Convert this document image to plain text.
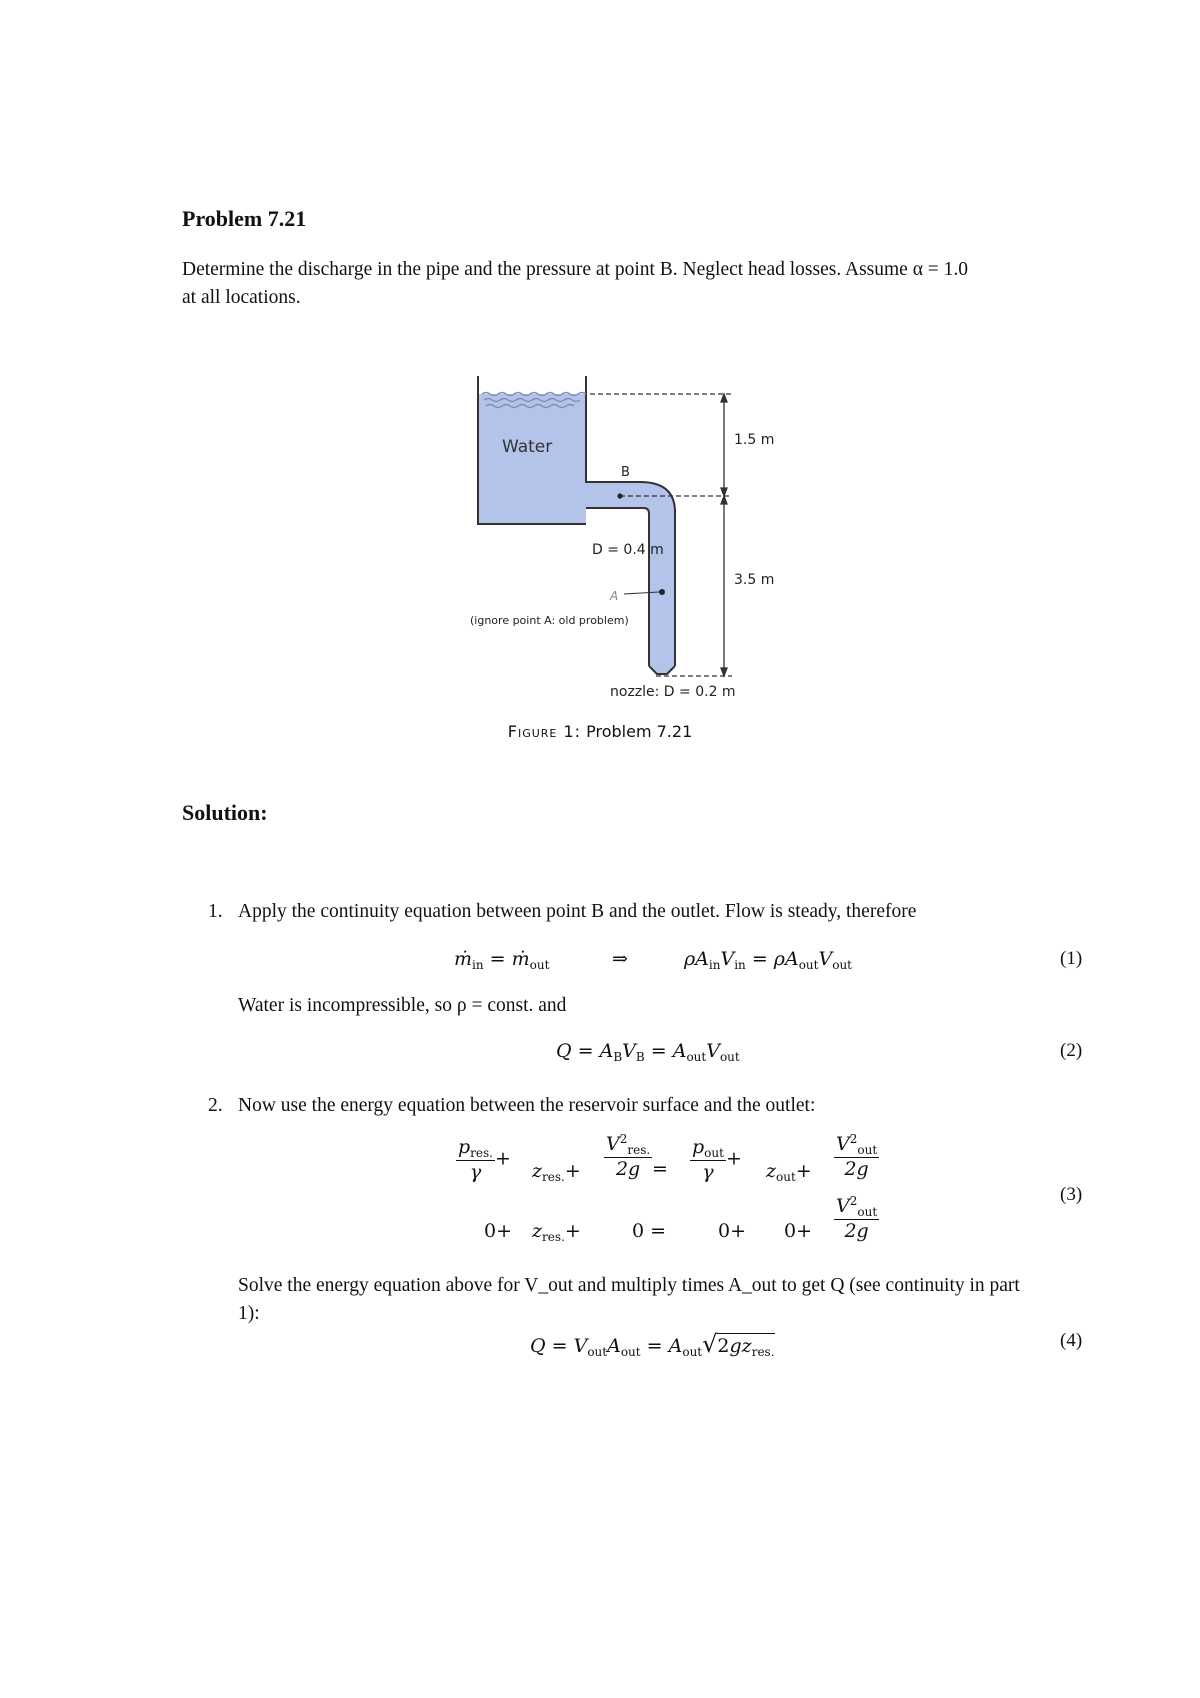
Problem 7.21
Determine the discharge in the pipe and the pressure at point B. Neglect head losses. Assume α = 1.0
at all locations.
Water
B
1.5 m
3.5 m
D = 0.4 m
A
(ignore point A: old problem)
nozzle: D = 0.2 m
Figure 1: Problem 7.21
Solution:
1. Apply the continuity equation between point B and the outlet. Flow is steady, therefore
ṁ$_{in}$ = ṁ$_{out}$	⇒	$\rho A_{in}V_{in} = \rho A_{out}V_{out}$	(1)
Water is incompressible, so ρ = const. and
$Q = A_BV_B = A_{out}V_{out}$	(2)
2. Now use the energy equation between the reservoir surface and the outlet:
$\frac{p_{res.}}{\gamma}$ +
$z_{res.}+ \frac{V^2_{res.}}{2g} = \frac{p_{out}}{\gamma}$ +
$z_{out}+ \frac{V^2_{out}}{2g}$
$0+ z_{res.}+$	0 =	$0+ 0+ \frac{V^2_{out}}{2g}$	(3)
Solve the energy equation above for V_out and multiply times A_out to get Q (see continuity in part
1):
$Q = V_{out}A_{out} = A_{out}√2gz_{res.}$
(4)
